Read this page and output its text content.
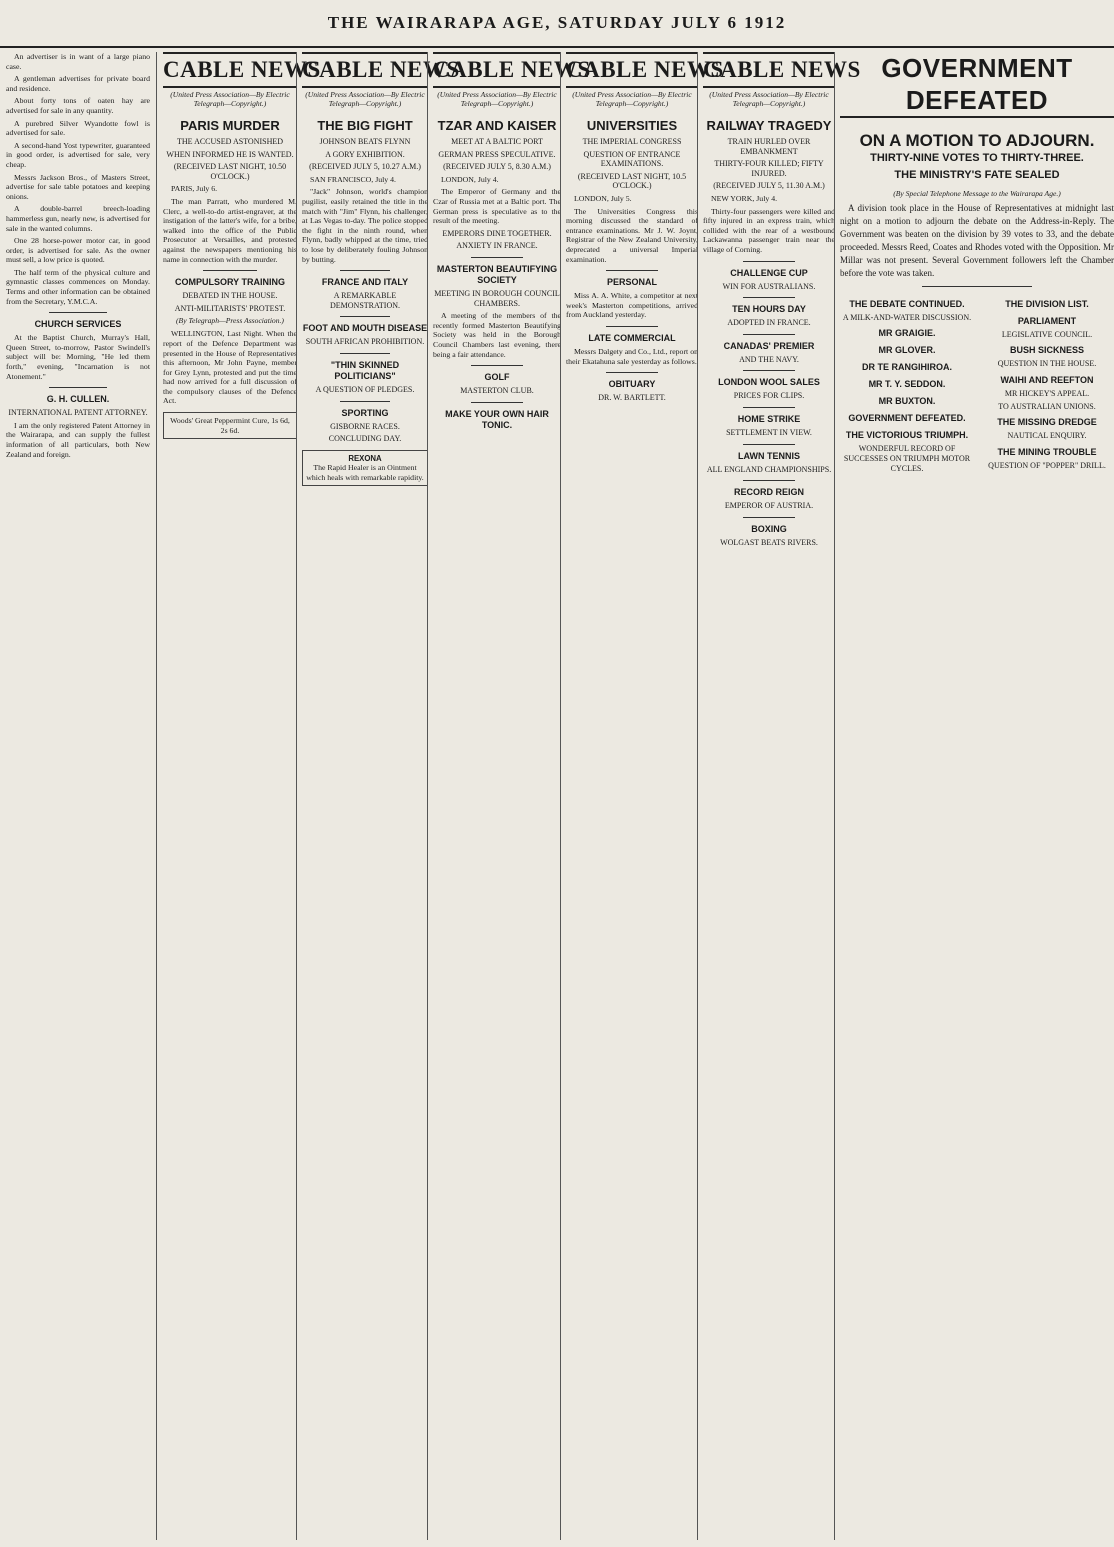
THE WAIRARAPA AGE, SATURDAY JULY 6 1912

An advertiser is in want of a large piano case.

A gentleman advertises for private board and residence.

About forty tons of oaten hay are advertised for sale in any quantity.

A purebred Silver Wyandotte fowl is advertised for sale.

A second-hand Yost typewriter, guaranteed in good order, is advertised for sale, very cheap.

Messrs Jackson Bros., of Masters Street, advertise for sale table potatoes and keeping onions.

A double-barrel breech-loading hammerless gun, nearly new, is advertised for sale in the wanted columns.

One 28 horse-power motor car, in good order, is advertised for sale. As the owner must sell, a low price is quoted.

The half term of the physical culture and gymnastic classes commences on Monday. Terms and other information can be obtained from the Secretary, Y.M.C.A.

CHURCH SERVICES

At the Baptist Church, Murray's Hall, Queen Street, to-morrow, Pastor Swindell's subject will be: Morning, "He led them forth," evening, "Incarnation is not Atonement."

G. H. CULLEN.
INTERNATIONAL PATENT ATTORNEY.

I am the only registered Patent Attorney in the Wairarapa, and can supply the fullest information of all particulars, both New Zealand and foreign.

CABLE NEWS
(United Press Association—By Electric Telegraph—Copyright.)
PARIS MURDER
THE ACCUSED ASTONISHED
WHEN INFORMED HE IS WANTED.
(RECEIVED LAST NIGHT, 10.50 O'CLOCK.)

PARIS, July 6.

The man Parratt, who murdered M. Clerc, a well-to-do artist-engraver, at the instigation of the latter's wife, for a bribe, walked into the office of the Public Prosecutor at Versailles, and protested against the newspapers mentioning his name in connection with the murder.

COMPULSORY TRAINING
DEBATED IN THE HOUSE.
ANTI-MILITARISTS' PROTEST.
(By Telegraph—Press Association.)

WELLINGTON, Last Night. When the report of the Defence Department was presented in the House of Representatives this afternoon, Mr John Payne, member for Grey Lynn, protested and put the time had now arrived for a full discussion of the compulsory clauses of the Defence Act.

Woods' Great Peppermint Cure, 1s 6d, 2s 6d.
CABLE NEWS
(United Press Association—By Electric Telegraph—Copyright.)
THE BIG FIGHT
JOHNSON BEATS FLYNN
A GORY EXHIBITION.
(RECEIVED JULY 5, 10.27 A.M.)

SAN FRANCISCO, July 4.

"Jack" Johnson, world's champion pugilist, easily retained the title in the match with "Jim" Flynn, his challenger, at Las Vegas to-day. The police stopped the fight in the ninth round, when Flynn, badly whipped at the time, tried to lose by deliberately fouling Johnson by butting.

FRANCE AND ITALY
A REMARKABLE DEMONSTRATION.
FOOT AND MOUTH DISEASE
SOUTH AFRICAN PROHIBITION.
"THIN SKINNED POLITICIANS"
A QUESTION OF PLEDGES.
SPORTING
GISBORNE RACES.
CONCLUDING DAY.
REXONA
The Rapid Healer is an Ointment which heals with remarkable rapidity.
CABLE NEWS
(United Press Association—By Electric Telegraph—Copyright.)
TZAR AND KAISER
MEET AT A BALTIC PORT
GERMAN PRESS SPECULATIVE.
(RECEIVED JULY 5, 8.30 A.M.)

LONDON, July 4.

The Emperor of Germany and the Czar of Russia met at a Baltic port. The German press is speculative as to the result of the meeting.

EMPERORS DINE TOGETHER.
ANXIETY IN FRANCE.
MASTERTON BEAUTIFYING SOCIETY
MEETING IN BOROUGH COUNCIL CHAMBERS.

A meeting of the members of the recently formed Masterton Beautifying Society was held in the Borough Council Chambers last evening, there being a fair attendance.

GOLF
MASTERTON CLUB.
MAKE YOUR OWN HAIR TONIC.
CABLE NEWS
(United Press Association—By Electric Telegraph—Copyright.)
UNIVERSITIES
THE IMPERIAL CONGRESS
QUESTION OF ENTRANCE EXAMINATIONS.
(RECEIVED LAST NIGHT, 10.5 O'CLOCK.)

LONDON, July 5.

The Universities Congress this morning discussed the standard of entrance examinations. Mr J. W. Joynt, Registrar of the New Zealand University, deprecated a universal Imperial examination.

PERSONAL

Miss A. A. White, a competitor at next week's Masterton competitions, arrived from Auckland yesterday.

LATE COMMERCIAL

Messrs Dalgety and Co., Ltd., report on their Ekatahuna sale yesterday as follows.

OBITUARY
DR. W. BARTLETT.
CABLE NEWS
(United Press Association—By Electric Telegraph—Copyright.)
RAILWAY TRAGEDY
TRAIN HURLED OVER EMBANKMENT
THIRTY-FOUR KILLED; FIFTY INJURED.
(RECEIVED JULY 5, 11.30 A.M.)

NEW YORK, July 4.

Thirty-four passengers were killed and fifty injured in an express train, which collided with the rear of a westbound Lackawanna passenger train near the village of Corning.

CHALLENGE CUP
WIN FOR AUSTRALIANS.
TEN HOURS DAY
ADOPTED IN FRANCE.
CANADAS' PREMIER
AND THE NAVY.
LONDON WOOL SALES
PRICES FOR CLIPS.
HOME STRIKE
SETTLEMENT IN VIEW.
LAWN TENNIS
ALL ENGLAND CHAMPIONSHIPS.
RECORD REIGN
EMPEROR OF AUSTRIA.
BOXING
WOLGAST BEATS RIVERS.
GOVERNMENT DEFEATED
ON A MOTION TO ADJOURN.
THIRTY-NINE VOTES TO THIRTY-THREE.
THE MINISTRY'S FATE SEALED
(By Special Telephone Message to the Wairarapa Age.)

A division took place in the House of Representatives at midnight last night on a motion to adjourn the debate on the Address-in-Reply. The Government was beaten on the division by 39 votes to 33, and the debate proceeded. Messrs Reed, Coates and Rhodes voted with the Opposition. Mr Millar was not present. Several Government followers left the Chamber before the vote was taken.

THE DEBATE CONTINUED.
A MILK-AND-WATER DISCUSSION.
MR GRAIGIE.
MR GLOVER.
DR TE RANGIHIROA.
MR T. Y. SEDDON.
MR BUXTON.
GOVERNMENT DEFEATED.
THE VICTORIOUS TRIUMPH.
WONDERFUL RECORD OF SUCCESSES ON TRIUMPH MOTOR CYCLES.
THE DIVISION LIST.
PARLIAMENT
LEGISLATIVE COUNCIL.
BUSH SICKNESS
QUESTION IN THE HOUSE.
WAIHI AND REEFTON
MR HICKEY'S APPEAL.
TO AUSTRALIAN UNIONS.
THE MISSING DREDGE
NAUTICAL ENQUIRY.
THE MINING TROUBLE
QUESTION OF "POPPER" DRILL.
